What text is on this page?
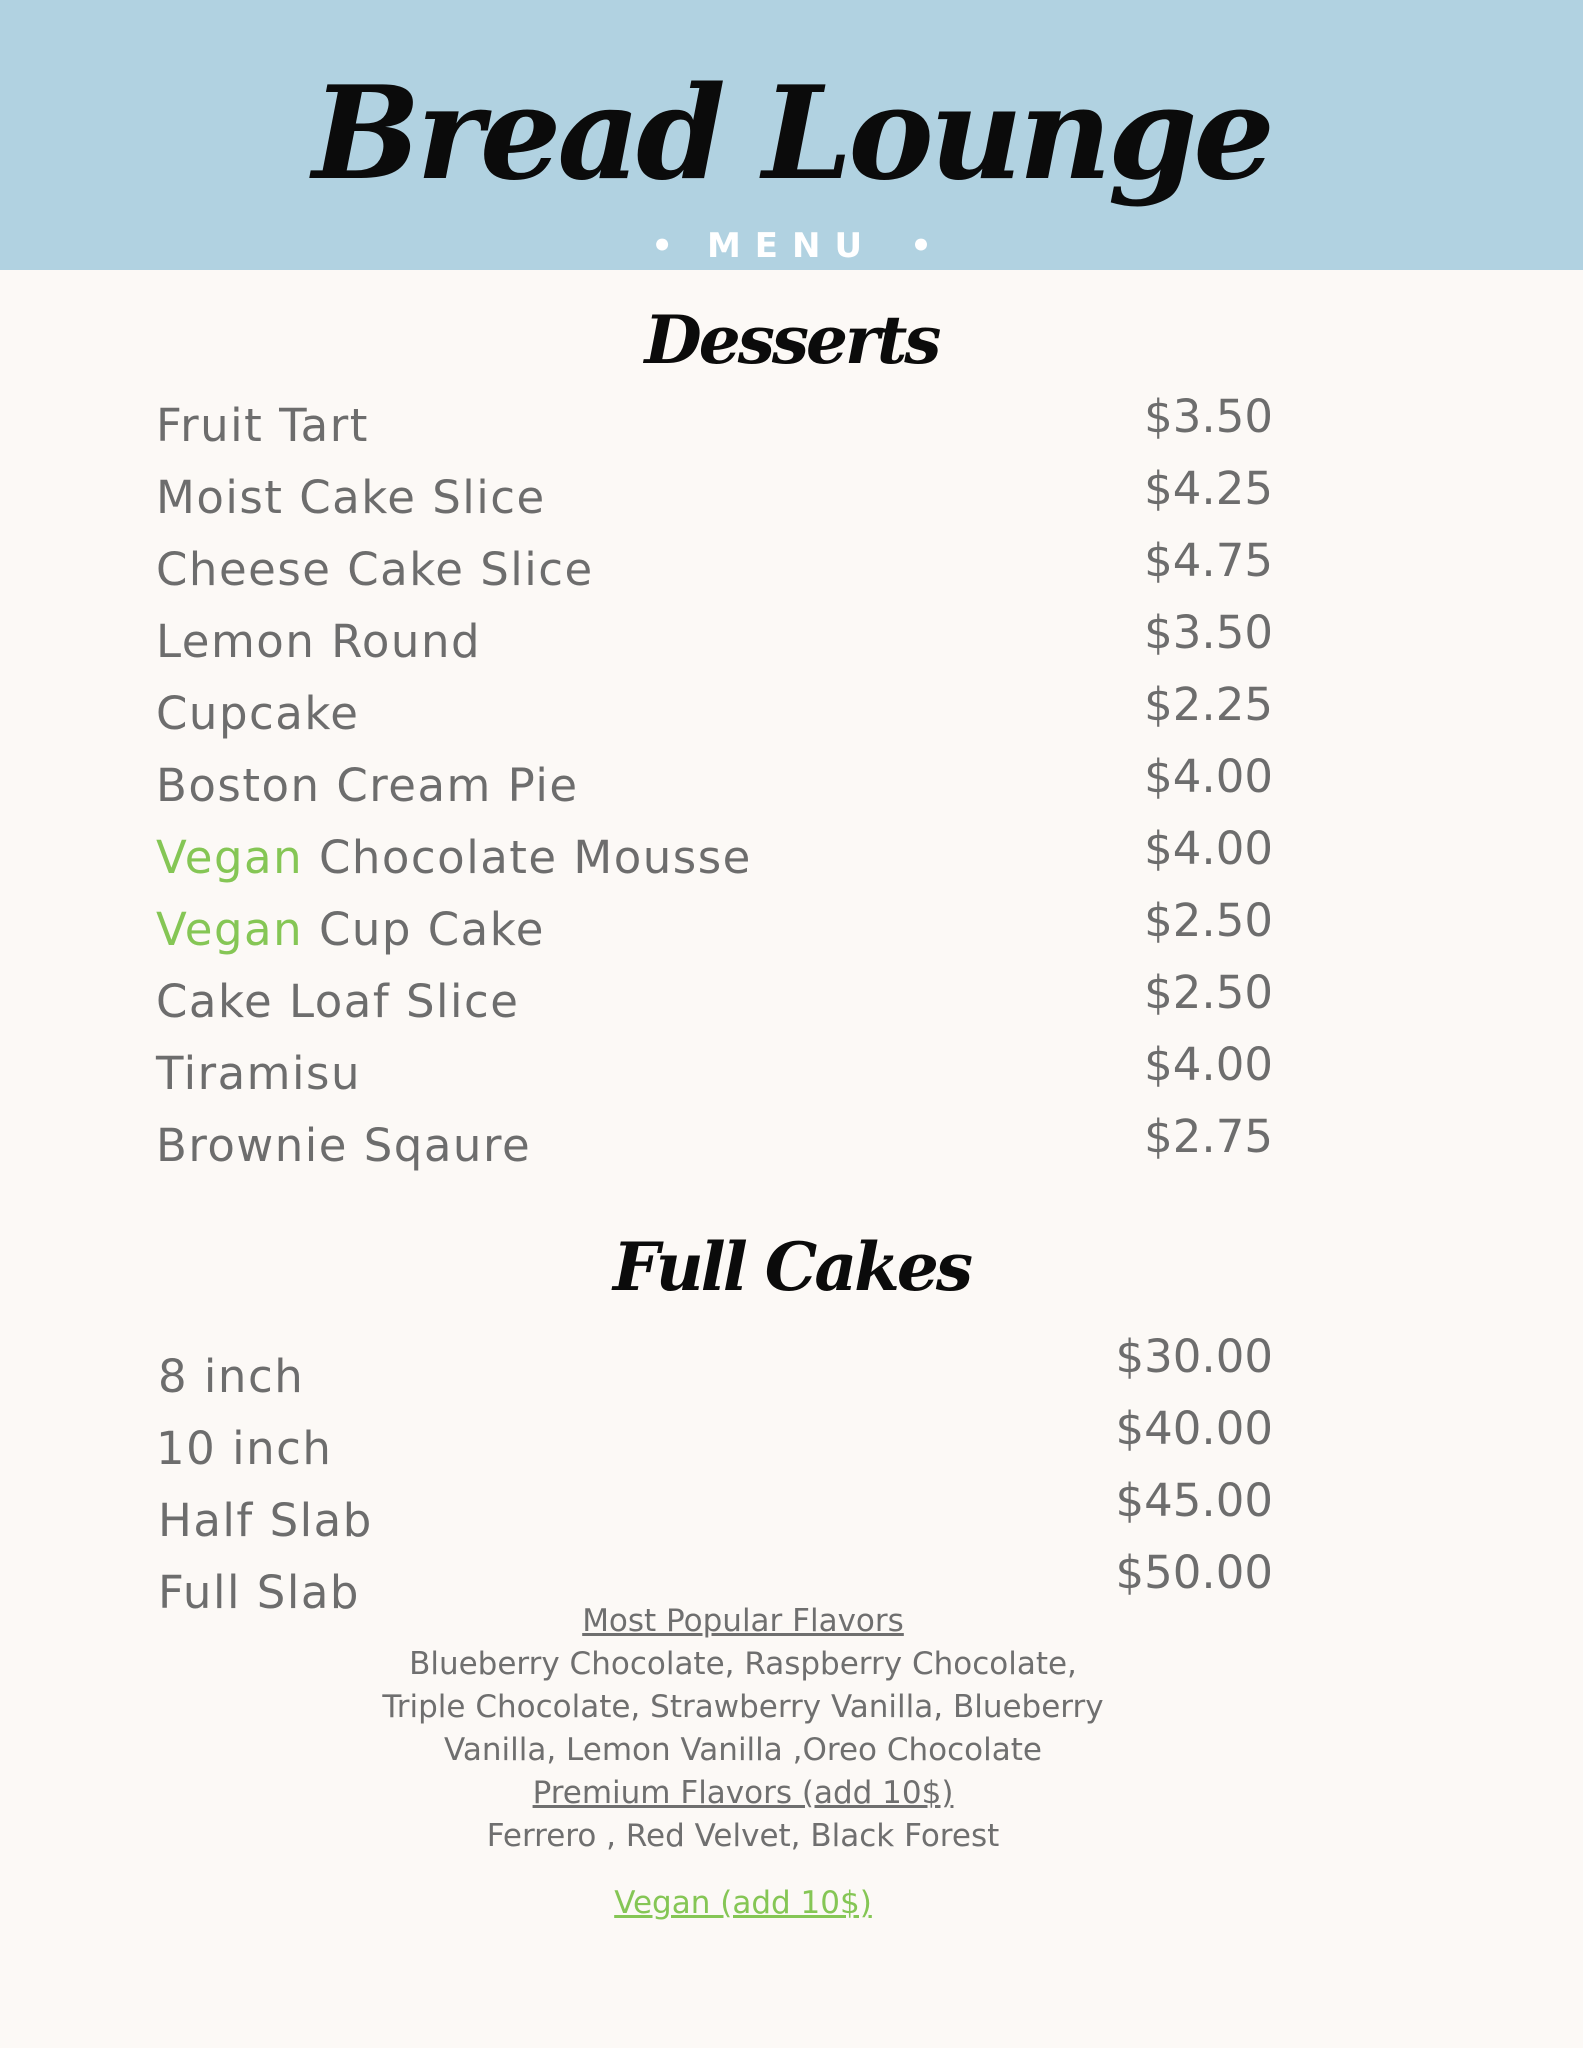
Bread Lounge
• MENU •
Desserts
Fruit Tart	$3.50
Moist Cake Slice	$4.25
Cheese Cake Slice	$4.75
Lemon Round	$3.50
Cupcake	$2.25
Boston Cream Pie	$4.00
Vegan Chocolate Mousse	$4.00
Vegan Cup Cake	$2.50
Cake Loaf Slice	$2.50
Tiramisu	$4.00
Brownie Sqaure	$2.75
Full Cakes
8 inch	$30.00
10 inch	$40.00
Half Slab	$45.00
Full Slab	$50.00
Most Popular Flavors
Blueberry Chocolate, Raspberry Chocolate, Triple Chocolate, Strawberry Vanilla, Blueberry Vanilla, Lemon Vanilla ,Oreo Chocolate
Premium Flavors (add 10$)
Ferrero , Red Velvet, Black Forest
Vegan (add 10$)
